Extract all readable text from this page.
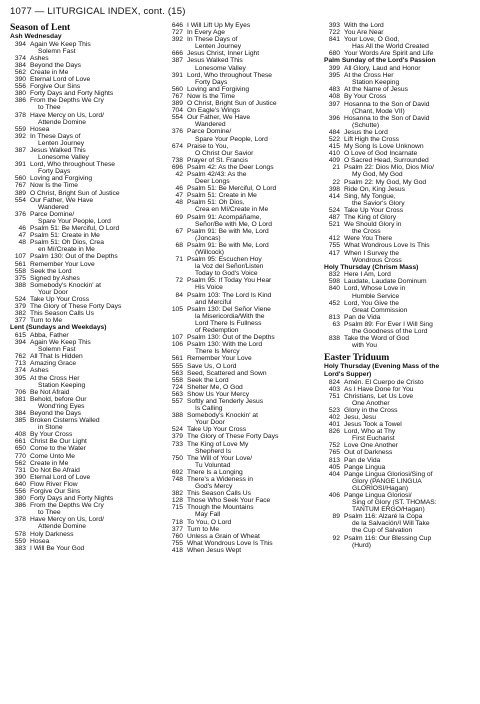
1077 — LITURGICAL INDEX, cont. (15)
Season of Lent
Ash Wednesday
394 Again We Keep This
Solemn Fast
374 Ashes
384 Beyond the Days
562 Create in Me
390 Eternal Lord of Love
556 Forgive Our Sins
380 Forty Days and Forty Nights
386 From the Depths We Cry
to Thee
378 Have Mercy on Us, Lord/
Attende Domine
559 Hosea
392 In These Days of
Lenten Journey
387 Jesus Walked This
Lonesome Valley
391 Lord, Who throughout These
Forty Days
560 Loving and Forgiving
767 Now Is the Time
389 O Christ, Bright Sun of Justice
554 Our Father, We Have
Wandered
376 Parce Domine/
Spare Your People, Lord
46 Psalm 51: Be Merciful, O Lord
47 Psalm 51: Create in Me
48 Psalm 51: Oh Dios, Crea
en Mí/Create in Me
107 Psalm 130: Out of the Depths
561 Remember Your Love
558 Seek the Lord
375 Signed by Ashes
388 Somebody's Knockin' at
Your Door
524 Take Up Your Cross
379 The Glory of These Forty Days
382 This Season Calls Us
377 Turn to Me
Lent (Sundays and Weekdays)
615 Abba, Father
394 Again We Keep This
Solemn Fast
762 All That Is Hidden
713 Amazing Grace
374 Ashes
395 At the Cross Her
Station Keeping
706 Be Not Afraid
381 Behold, before Our
Wond'ring Eyes
384 Beyond the Days
385 Broken Cisterns Walled
in Stone
408 By Your Cross
661 Christ Be Our Light
650 Come to the Water
770 Come Unto Me
562 Create in Me
731 Do Not Be Afraid
390 Eternal Lord of Love
640 Flow River Flow
556 Forgive Our Sins
380 Forty Days and Forty Nights
386 From the Depths We Cry
to Thee
378 Have Mercy on Us, Lord/
Attende Domine
578 Holy Darkness
559 Hosea
383 I Will Be Your God
646 I Will Lift Up My Eyes
727 In Every Age
392 In These Days of
Lenten Journey
666 Jesus Christ, Inner Light
387 Jesus Walked This
Lonesome Valley
391 Lord, Who throughout These
Forty Days
560 Loving and Forgiving
767 Now Is the Time
389 O Christ, Bright Sun of Justice
704 On Eagle's Wings
554 Our Father, We Have
Wandered
376 Parce Domine/
Spare Your People, Lord
674 Praise to You,
O Christ Our Savior
738 Prayer of St. Francis
696 Psalm 42: As the Deer Longs
42 Psalm 42/43: As the
Deer Longs
46 Psalm 51: Be Merciful, O Lord
47 Psalm 51: Create in Me
48 Psalm 51: Oh Dios,
Crea en Mí/Create in Me
69 Psalm 91: Acompáñame,
Señor/Be with Me, O Lord
67 Psalm 91: Be with Me, Lord
(Joncas)
68 Psalm 91: Be with Me, Lord
(Willcock)
71 Psalm 95: Escuchen Hoy
la Voz del Señor/Listen
Today to God's Voice
72 Psalm 95: If Today You Hear
His Voice
84 Psalm 103: The Lord Is Kind
and Merciful
105 Psalm 130: Del Señor Viene
la Misericordia/With the
Lord There Is Fullness
of Redemption
107 Psalm 130: Out of the Depths
106 Psalm 130: With the Lord
There Is Mercy
561 Remember Your Love
555 Save Us, O Lord
563 Seed, Scattered and Sown
558 Seek the Lord
724 Shelter Me, O God
563 Show Us Your Mercy
557 Softly and Tenderly Jesus
Is Calling
388 Somebody's Knockin' at
Your Door
524 Take Up Your Cross
379 The Glory of These Forty Days
733 The King of Love My
Shepherd Is
750 The Will of Your Love/
Tu Voluntad
692 There Is a Longing
748 There's a Wideness in
God's Mercy
382 This Season Calls Us
128 Those Who Seek Your Face
715 Though the Mountains
May Fall
718 To You, O Lord
377 Turn to Me
760 Unless a Grain of Wheat
755 What Wondrous Love Is This
418 When Jesus Wept
393 With the Lord
722 You Are Near
841 Your Love, O God,
Has All the World Created
680 Your Words Are Spirit and Life
Palm Sunday of the Lord's Passion
399 All Glory, Laud and Honor
395 At the Cross Her
Station Keeping
483 At the Name of Jesus
408 By Your Cross
397 Hosanna to the Son of David
(Chant, Mode VII)
396 Hosanna to the Son of David
(Schutte)
484 Jesus the Lord
522 Lift High the Cross
415 My Song Is Love Unknown
410 O Love of God Incarnate
409 O Sacred Head, Surrounded
21 Psalm 22: Dios Mío, Dios Mío/
My God, My God
22 Psalm 22: My God, My God
398 Ride On, King Jesus
414 Sing, My Tongue,
the Savior's Glory
524 Take Up Your Cross
487 The King of Glory
521 We Should Glory in
the Cross
412 Were You There
755 What Wondrous Love Is This
417 When I Survey the
Wondrous Cross
Holy Thursday (Chrism Mass)
832 Here I Am, Lord
598 Laudate, Laudate Dominum
840 Lord, Whose Love in
Humble Service
452 Lord, You Give the
Great Commission
813 Pan de Vida
63 Psalm 89: For Ever I Will Sing
the Goodness of the Lord
838 Take the Word of God
with You
Easter Triduum
Holy Thursday (Evening Mass of the
Lord's Supper)
824 Amén. El Cuerpo de Cristo
403 As I Have Done for You
751 Christians, Let Us Love
One Another
523 Glory in the Cross
402 Jesu, Jesu
401 Jesus Took a Towel
826 Lord, Who at Thy
First Eucharist
752 Love One Another
765 Out of Darkness
813 Pan de Vida
405 Pange Lingua
404 Pange Lingua Gloriosi/Sing of
Glory (PANGE LINGUA
GLORIOSI/Hagan)
406 Pange Lingua Gloriosi/
Sing of Glory (ST. THOMAS:
TANTUM ERGO/Hagan)
89 Psalm 116: Alzaré la Copa
de la Salvación/I Will Take
the Cup of Salvation
92 Psalm 116: Our Blessing Cup
(Hurd)
